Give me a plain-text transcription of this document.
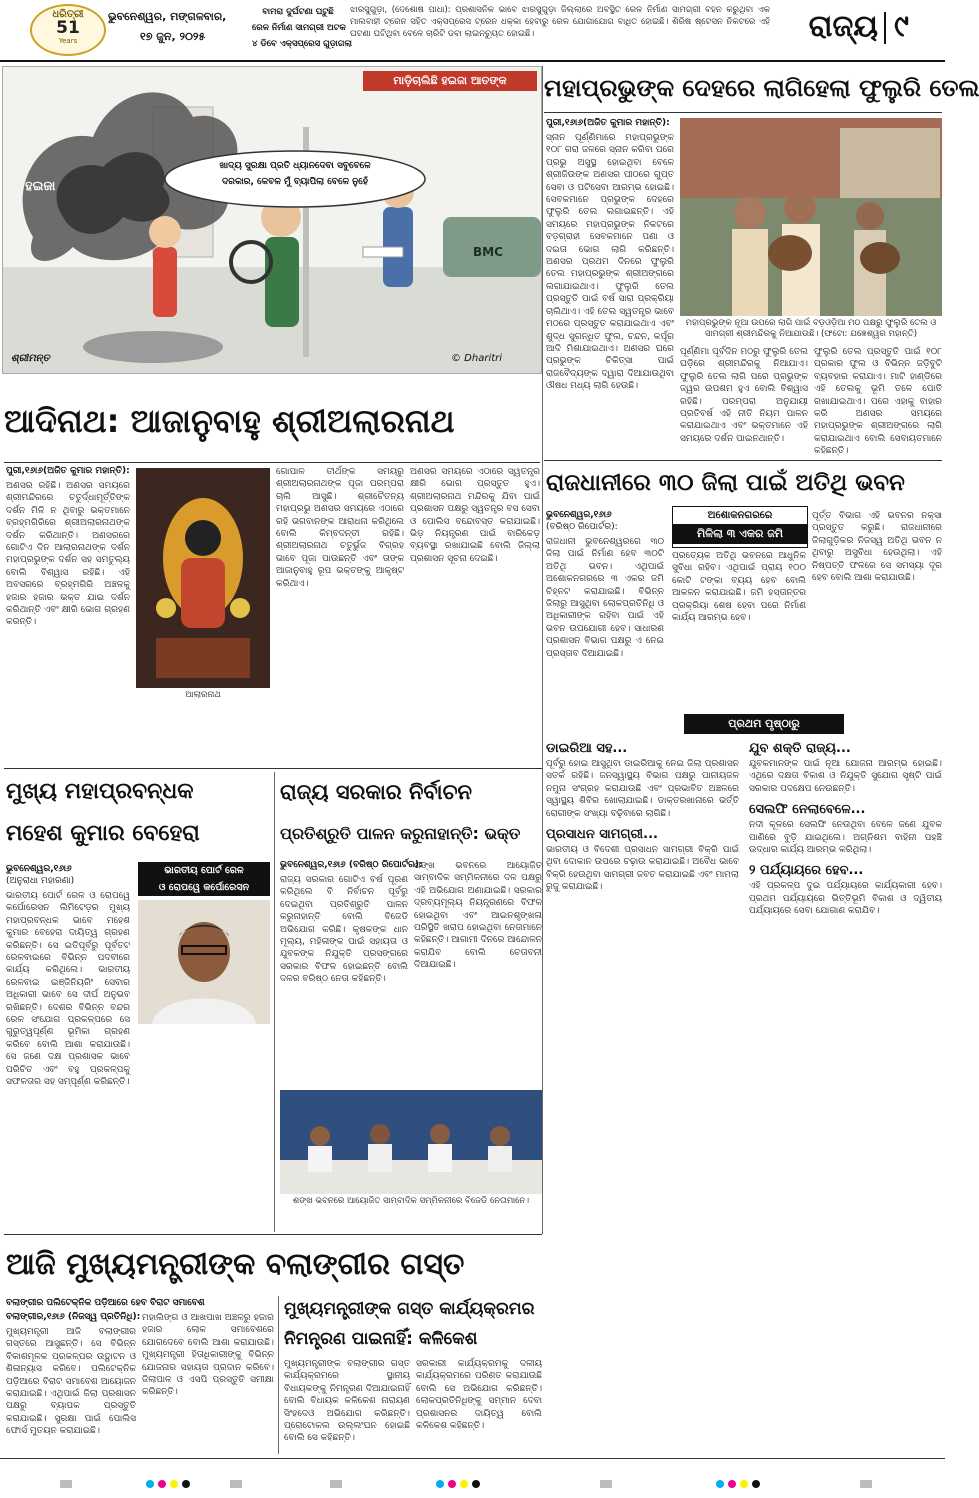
ଧରିତ୍ରୀ
51
Years
ଭୁବନେଶ୍ୱର, ମଙ୍ଗଳବାର,
୧୭ ଜୁନ, ୨୦୨୫
ବାମରା ଦୁର୍ଘଟଣା ଘଟୁଛି
ରେଳ ନିର୍ମାଣ ସାମଗ୍ରୀ ଅଟକ
୪ ଡିବେ ଏକ୍ସପ୍ରେସ ଗୁଡ଼ାଗଲା
ଝାରସୁଗୁଡ଼ା, (ଦେଶୋଷ ପାଧା): ପ୍ରଶାସନିକ ଭାବେ ଝାରସୁଗୁଡ଼ା ଜିଲ୍ଲାରେ ଅବସ୍ଥିତ ରେଳ ନିର୍ମାଣ ସାମଗ୍ରୀ ବହନ କରୁଥିବା ଏକ ମାଲବାହୀ ଟ୍ରେନ ସହିତ ଏକ୍ସପ୍ରେସ ଟ୍ରେନ ଧକ୍କା ହେବାରୁ ରେଳ ଯୋଗାଯୋଗ ବାଧିତ ହୋଇଛି। ଶିରିଷ ଷ୍ଟେସନ ନିକଟରେ ଏହି ଘଟଣା ଘଟିଥିବା ବେଳେ ଚାରିଟି ଡବା ଲାଇନଚ୍ୟୁତ ହୋଇଛି।	ରାଜ୍ୟ ୯
ମାଡ଼ିଚାଲିଛି ହଇଜା ଆତଙ୍କ
ହଇଜା
ଖାଦ୍ୟ ସୁରକ୍ଷା ପ୍ରତି ଧ୍ୟାନଦେବା ସବୁବେଳେ
ଦରକାର, କେବଳ ମୁଁ ବ୍ୟାପିଲା ବେଳେ ନୁହେଁ
BMC
ଶ୍ରୀମନ୍ତ	© Dharitri
ମହାପ୍ରଭୁଙ୍କ ଦେହରେ ଲାଗିହେଲା ଫୁଲୁରି ତେଲ
ପୁରୀ,୧୬ା୬(ଅଜିତ କୁମାର ମହାନ୍ତି):
ସ୍ନାନ ପୂର୍ଣ୍ଣିମାରେ ମହାପ୍ରଭୁଙ୍କ ୧୦୮ ଗରା ଜଳରେ ସ୍ନାନ କରିବା ପରେ ପ୍ରଭୁ ଅସୁସ୍ଥ ହୋଇଥିବା ବେଳେ ଶ୍ରୀଜିଉଙ୍କ ଅଣସର ପୀଠରେ ଗୁପ୍ତ ସେବା ଓ ପଟିସେବା ଆରମ୍ଭ ହୋଇଛି। ସେବକମାନେ ପ୍ରଭୁଙ୍କ ଦେହରେ ଫୁଲୁରି ତେଲ ଲଗାଇଛନ୍ତି। ଏହି ସମୟରେ ମହାପ୍ରଭୁଙ୍କ ନିକଟରେ ବଡ଼ଗ୍ରାହୀ ସେବକମାନେ ପଣା ଓ ଦଇତା ଭୋଗ ଲାଗି କରିଛନ୍ତି। ଅଣସର ପ୍ରଥମ ଦିନରେ ଫୁଲୁରି ତେଲ ମହାପ୍ରଭୁଙ୍କ ଶ୍ରୀଅଙ୍ଗରେ ଲଗାଯାଇଥାଏ। ଫୁଲୁରି ତେଲ ପ୍ରସ୍ତୁତି ପାଇଁ ବର୍ଷ ସାରା ପ୍ରକ୍ରିୟା ଚାଲିଥାଏ। ଏହି ତେଲ ସ୍ୱତନ୍ତ୍ର ଭାବେ ମଠରେ ପ୍ରସ୍ତୁତ କରାଯାଇଥାଏ ଏବଂ ଶୁଦ୍ଧ ସୁଗନ୍ଧିତ ଫୁଲ, ଚନ୍ଦନ, କର୍ପୂର ଆଦି ମିଶାଯାଇଥାଏ। ଅଣସର ଘରେ ପ୍ରଭୁଙ୍କ ଚିକିତ୍ସା ପାଇଁ ରାଜବୈଦ୍ୟଙ୍କ ଦ୍ୱାରା ଦିଆଯାଉଥିବା ଔଷଧ ମଧ୍ୟ ଲାଗି ହେଉଛି।
ମହାପ୍ରଭୁଙ୍କ ନୂଆ ଉପରେ ଲାଗି ପାଇଁ ବଡ଼ଓଡ଼ିଆ ମଠ ପକ୍ଷରୁ ଫୁଲୁରି ତେଲ ଓ ସାମଗ୍ରୀ ଶ୍ରୀମନ୍ଦିରକୁ ନିଆଯାଉଛି। (ଫଟୋ: ଯଜ୍ଞେଶ୍ୱର ମହାନ୍ତି)
ପୂର୍ଣ୍ଣିମା ପୂର୍ବଦିନ ମଠରୁ ଫୁଲୁରି ତେଲ ଘଡ଼ିରେ ଶ୍ରୀମନ୍ଦିରକୁ ନିଆଯାଏ। ଫୁଲୁରି ତେଲ ଲାଗି ପରେ ପ୍ରଭୁଙ୍କ ଜ୍ୱର ଉପଶମ ହୁଏ ବୋଲି ବିଶ୍ୱାସ ରହିଛି। ପରମ୍ପରା ଅନୁଯାୟୀ ପ୍ରତିବର୍ଷ ଏହି ନୀତି ନିୟମ ପାଳନ କରାଯାଇଥାଏ ଏବଂ ଭକ୍ତମାନେ ଏହି ସମୟରେ ଦର୍ଶନ ପାଇନଥାନ୍ତି।
ଫୁଲୁରି ତେଲ ପ୍ରସ୍ତୁତି ପାଇଁ ୧୦୮ ପ୍ରକାର ଫୁଲ ଓ ବିଭିନ୍ନ ଜଡ଼ିବୁଟି ବ୍ୟବହାର କରାଯାଏ। ମାଟି ହାଣ୍ଡିରେ ଏହି ତେଲକୁ ଭୂମି ତଳେ ପୋତି ରଖାଯାଇଥାଏ। ପରେ ଏହାକୁ ବାହାର କରି ଅଣସର ସମୟରେ ମହାପ୍ରଭୁଙ୍କ ଶ୍ରୀଅଙ୍ଗରେ ଲାଗି କରାଯାଇଥାଏ ବୋଲି ସେବାୟତମାନେ କହିଛନ୍ତି।
ଆଦିନାଥ: ଆଜାନୁବାହୁ ଶ୍ରୀଅଲାରନାଥ
ପୁରୀ,୧୬ା୬(ଅଜିତ କୁମାର ମହାନ୍ତି):
ଅଣସର ରହିଛି। ଅଣସର ସମୟରେ ଶ୍ରୀମନ୍ଦିରରେ ଚତୁର୍ଦ୍ଧାମୂର୍ତ୍ତିଙ୍କ ଦର୍ଶନ ମିଳି ନ ଥିବାରୁ ଭକ୍ତମାନେ ବ୍ରହ୍ମଗିରିରେ ଶ୍ରୀଅଲାରନାଥଙ୍କ ଦର୍ଶନ କରିଥାନ୍ତି। ଅଣସରରେ ଗୋଟିଏ ଦିନ ଆଲାରନାଥଙ୍କ ଦର୍ଶନ ମହାପ୍ରଭୁଙ୍କ ଦର୍ଶନ ସହ ସମତୁଲ୍ୟ ବୋଲି ବିଶ୍ୱାସ ରହିଛି। ଏହି ଅବସରରେ ବ୍ରହ୍ମଗିରି ଅଞ୍ଚଳକୁ ହଜାର ହଜାର ଭକ୍ତ ଯାଇ ଦର୍ଶନ କରିଥାନ୍ତି ଏବଂ କ୍ଷୀରି ଭୋଗ ଗ୍ରହଣ କରନ୍ତି।
ଆଲାରନାଥ
ଗୋପାଳ ତୀର୍ଥଙ୍କ ସମୟରୁ ଶ୍ରୀଅଲାରନାଥଙ୍କ ପୂଜା ପରମ୍ପରା ଚାଲି ଆସୁଛି। ଶ୍ରୀଚୈତନ୍ୟ ମହାପ୍ରଭୁ ଅଣସର ସମୟରେ ଏଠାରେ ରହି ଭଗବାନଙ୍କ ଆରାଧନା କରିଥିଲେ ବୋଲି କିମ୍ବଦନ୍ତୀ ରହିଛି। ଶ୍ରୀଅଲାରନାଥ ଚତୁର୍ଭୁଜ ବିଗ୍ରହ ଭାବେ ପୂଜା ପାଉଛନ୍ତି ଏବଂ ତାଙ୍କ ଆଜାନୁବାହୁ ରୂପ ଭକ୍ତଙ୍କୁ ଆକୃଷ୍ଟ କରିଥାଏ।
ଅଣସର ସମୟରେ ଏଠାରେ ସ୍ୱତନ୍ତ୍ର କ୍ଷୀରି ଭୋଗ ପ୍ରସ୍ତୁତ ହୁଏ। ଶ୍ରୀଅଲାରନାଥ ମନ୍ଦିରକୁ ଯିବା ପାଇଁ ପ୍ରଶାସନ ପକ୍ଷରୁ ସ୍ୱତନ୍ତ୍ର ବସ ସେବା ଓ ପୋଲିସ ବନ୍ଦୋବସ୍ତ କରାଯାଇଛି। ଭିଡ଼ ନିୟନ୍ତ୍ରଣ ପାଇଁ ବାରିକେଡ଼ ବ୍ୟବସ୍ଥା ରଖାଯାଇଛି ବୋଲି ଜିଲ୍ଲା ପ୍ରଶାସନ ସୂଚନା ଦେଇଛି।
ରାଜଧାନୀରେ ୩୦ ଜିଲା ପାଇଁ ଅତିଥି ଭବନ
ଭୁବନେଶ୍ୱର,୧୬ା୬
(ବରିଷ୍ଠ ରିପୋର୍ଟର):
ଅଶୋକନଗରରେ
ମିଳିଲା ୩ ଏକର ଜମି
ରାଜଧାନୀ ଭୁବନେଶ୍ୱରରେ ୩୦ ଜିଲା ପାଇଁ ନିର୍ମାଣ ହେବ ୩୦ଟି ଅତିଥି ଭବନ। ଏଥିପାଇଁ ଅଶୋକନଗରରେ ୩ ଏକର ଜମି ଚିହ୍ନଟ କରାଯାଇଛି। ବିଭିନ୍ନ ଜିଲାରୁ ଆସୁଥିବା ଲୋକପ୍ରତିନିଧି ଓ ଅଧିକାରୀଙ୍କ ରହିବା ପାଇଁ ଏହି ଭବନ ଉପଯୋଗୀ ହେବ। ସାଧାରଣ ପ୍ରଶାସନ ବିଭାଗ ପକ୍ଷରୁ ଏ ନେଇ ପ୍ରସ୍ତାବ ଦିଆଯାଇଛି।
ପ୍ରତ୍ୟେକ ଅତିଥି ଭବନରେ ଆଧୁନିକ ସୁବିଧା ରହିବ। ଏଥିପାଇଁ ପ୍ରାୟ ୧୦୦ କୋଟି ଟଙ୍କା ବ୍ୟୟ ହେବ ବୋଲି ଆକଳନ କରାଯାଇଛି। ଜମି ହସ୍ତାନ୍ତର ପ୍ରକ୍ରିୟା ଶେଷ ହେବା ପରେ ନିର୍ମାଣ କାର୍ଯ୍ୟ ଆରମ୍ଭ ହେବ।
ପୂର୍ତ୍ତ ବିଭାଗ ଏହି ଭବନର ନକ୍ସା ପ୍ରସ୍ତୁତ କରୁଛି। ରାଜଧାନୀରେ ଜିଲାଗୁଡ଼ିକର ନିଜସ୍ୱ ଅତିଥି ଭବନ ନ ଥିବାରୁ ଅସୁବିଧା ହେଉଥିଲା। ଏହି ନିଷ୍ପତ୍ତି ଫଳରେ ସେ ସମସ୍ୟା ଦୂର ହେବ ବୋଲି ଆଶା କରାଯାଉଛି।
ପ୍ରଥମ ପୃଷ୍ଠାରୁ
ଡାଇରିଆ ସହ...
ପୂର୍ବରୁ ହୋଇ ଆସୁଥିବା ଡାଇରିଆକୁ ନେଇ ଜିଲା ପ୍ରଶାସନ ସତର୍କ ରହିଛି। ଜନସ୍ୱାସ୍ଥ୍ୟ ବିଭାଗ ପକ୍ଷରୁ ପାନୀୟଜଳ ନମୁନା ସଂଗ୍ରହ କରାଯାଉଛି ଏବଂ ପ୍ରଭାବିତ ଅଞ୍ଚଳରେ ସ୍ୱାସ୍ଥ୍ୟ ଶିବିର ଖୋଲାଯାଇଛି। ଡାକ୍ତରଖାନାରେ ଭର୍ତ୍ତି ରୋଗୀଙ୍କ ସଂଖ୍ୟା ବଢ଼ିବାରେ ଲାଗିଛି।
ପ୍ରସାଧନ ସାମଗ୍ରୀ...
ଭାରତୀୟ ଓ ବିଦେଶୀ ପ୍ରସାଧନ ସାମଗ୍ରୀ ବିକ୍ରି ପାଇଁ ଥିବା ଦୋକାନ ଉପରେ ଚଢ଼ାଉ କରାଯାଇଛି। ଅବୈଧ ଭାବେ ବିକ୍ରି ହେଉଥିବା ସାମଗ୍ରୀ ଜବତ କରାଯାଇଛି ଏବଂ ମାମଲା ରୁଜୁ କରାଯାଇଛି।
ଯୁବ ଶକ୍ତି ରାଜ୍ୟ...
ଯୁବକମାନଙ୍କ ପାଇଁ ନୂଆ ଯୋଜନା ଆରମ୍ଭ ହୋଇଛି। ଏଥିରେ ଦକ୍ଷତା ବିକାଶ ଓ ନିଯୁକ୍ତି ସୁଯୋଗ ସୃଷ୍ଟି ପାଇଁ ସରକାର ପଦକ୍ଷେପ ନେଉଛନ୍ତି।
ସେଲଫି ନେଲାବେଳେ...
ନଦୀ କୂଳରେ ସେଲଫି ନେଉଥିବା ବେଳେ ଜଣେ ଯୁବକ ପାଣିରେ ବୁଡ଼ି ଯାଇଥିଲେ। ଅଗ୍ନିଶମ ବାହିନୀ ପହଞ୍ଚି ଉଦ୍ଧାର କାର୍ଯ୍ୟ ଆରମ୍ଭ କରିଥିଲା।
୨ ପର୍ଯ୍ୟାୟରେ ହେବ...
ଏହି ପ୍ରକଳ୍ପ ଦୁଇ ପର୍ଯ୍ୟାୟରେ କାର୍ଯ୍ୟକାରୀ ହେବ। ପ୍ରଥମ ପର୍ଯ୍ୟାୟରେ ଭିତ୍ତିଭୂମି ବିକାଶ ଓ ଦ୍ୱିତୀୟ ପର୍ଯ୍ୟାୟରେ ସେବା ଯୋଗାଣ କରାଯିବ।
ମୁଖ୍ୟ ମହାପ୍ରବନ୍ଧକ
ମହେଶ କୁମାର ବେହେରା
ଭୁବନେଶ୍ୱର,୧୬ା୬
(ଅନୁରାଧା ମହାରଣା)
ଭାରତୀୟ ପୋର୍ଟ ରେଳ
ଓ ରୋପୱେ କର୍ପୋରେସନ
ଭାରତୀୟ ପୋର୍ଟ ରେଳ ଓ ରୋପୱେ କର୍ପୋରେସନ ଲିମିଟେଡ଼ର ମୁଖ୍ୟ ମହାପ୍ରବନ୍ଧକ ଭାବେ ମହେଶ କୁମାର ବେହେରା ଦାୟିତ୍ୱ ଗ୍ରହଣ କରିଛନ୍ତି। ସେ ଇତିପୂର୍ବରୁ ପୂର୍ବତଟ ରେଳବାଇରେ ବିଭିନ୍ନ ପଦବୀରେ କାର୍ଯ୍ୟ କରିଥିଲେ। ଭାରତୀୟ ରେଳବାଇ ଇଞ୍ଜିନିୟରିଂ ସେବାର ଅଧିକାରୀ ଭାବେ ସେ ଦୀର୍ଘ ଅନୁଭବ ରଖିଛନ୍ତି। ଦେଶର ବିଭିନ୍ନ ବନ୍ଦର ରେଳ ସଂଯୋଗ ପ୍ରକଳ୍ପରେ ସେ ଗୁରୁତ୍ୱପୂର୍ଣ୍ଣ ଭୂମିକା ଗ୍ରହଣ କରିବେ ବୋଲି ଆଶା କରାଯାଉଛି। ସେ ଜଣେ ଦକ୍ଷ ପ୍ରଶାସକ ଭାବେ ପରିଚିତ ଏବଂ ବହୁ ପ୍ରକଳ୍ପକୁ ସଫଳତାର ସହ ସମ୍ପୂର୍ଣ୍ଣ କରିଛନ୍ତି।
ରାଜ୍ୟ ସରକାର ନିର୍ବାଚନ
ପ୍ରତିଶ୍ରୁତି ପାଳନ କରୁନାହାନ୍ତି: ଭକ୍ତ
ଭୁବନେଶ୍ୱର,୧୬ା୬ (ବରିଷ୍ଠ ରିପୋର୍ଟର):
ରାଜ୍ୟ ସରକାର ଗୋଟିଏ ବର୍ଷ ପୂରଣ କରିଥିଲେ ବି ନିର୍ବାଚନ ପୂର୍ବରୁ ଦେଇଥିବା ପ୍ରତିଶ୍ରୁତି ପାଳନ କରୁନାହାନ୍ତି ବୋଲି ବିଜେଡି ଅଭିଯୋଗ କରିଛି। କୃଷକଙ୍କ ଧାନ ମୂଲ୍ୟ, ମହିଳାଙ୍କ ପାଇଁ ସହାୟତା ଓ ଯୁବକଙ୍କ ନିଯୁକ୍ତି ପ୍ରସଙ୍ଗରେ ସରକାର ବିଫଳ ହୋଇଛନ୍ତି ବୋଲି ଦଳର ବରିଷ୍ଠ ନେତା କହିଛନ୍ତି।
ଶଙ୍ଖ ଭବନରେ ଆୟୋଜିତ ସାମ୍ବାଦିକ ସମ୍ମିଳନୀରେ ଦଳ ପକ୍ଷରୁ ଏହି ଅଭିଯୋଗ ଅଣାଯାଇଛି। ସରକାର ଦ୍ରବ୍ୟମୂଲ୍ୟ ନିୟନ୍ତ୍ରଣରେ ବିଫଳ ହୋଇଥିବା ଏବଂ ଆଇନଶୃଙ୍ଖଳା ପରିସ୍ଥିତି ଖରାପ ହୋଇଥିବା ନେତାମାନେ କହିଛନ୍ତି। ଆଗାମୀ ଦିନରେ ଆନ୍ଦୋଳନ କରାଯିବ ବୋଲି ଚେତାବନୀ ଦିଆଯାଇଛି।
ଶଙ୍ଖ ଭବନରେ ଆୟୋଜିତ ସାମ୍ବାଦିକ ସମ୍ମିଳନୀରେ ବିଜେଡି ନେତାମାନେ।
ଆଜି ମୁଖ୍ୟମନ୍ତ୍ରୀଙ୍କ ବଲାଙ୍ଗୀର ଗସ୍ତ
ବଲାଙ୍ଗୀର ପଲିଟେକ୍ନିକ ପଡ଼ିଆରେ ହେବ ବିରାଟ ସମାବେଶ
ବଲାଙ୍ଗୀର,୧୬ା୬ (ନିଜସ୍ୱ ପ୍ରତିନିଧି):
ମୁଖ୍ୟମନ୍ତ୍ରୀ ଆଜି ବଲାଙ୍ଗୀର ଗସ୍ତରେ ଆସୁଛନ୍ତି। ସେ ବିଭିନ୍ନ ବିକାଶମୂଳକ ପ୍ରକଳ୍ପର ଉଦ୍ଘାଟନ ଓ ଶିଳାନ୍ୟାସ କରିବେ। ପଲିଟେକ୍ନିକ ପଡ଼ିଆରେ ବିରାଟ ସମାବେଶ ଆୟୋଜନ କରାଯାଇଛି। ଏଥିପାଇଁ ଜିଲା ପ୍ରଶାସନ ପକ୍ଷରୁ ବ୍ୟାପକ ପ୍ରସ୍ତୁତି କରାଯାଇଛି। ସୁରକ୍ଷା ପାଇଁ ପୋଲିସ ଫୋର୍ସ ମୁତୟନ କରାଯାଇଛି।
ମହାଲିଙ୍ଗ ଓ ଆଖପାଖ ଅଞ୍ଚଳରୁ ହଜାର ହଜାର ଲୋକ ସମାବେଶରେ ଯୋଗଦେବେ ବୋଲି ଆଶା କରାଯାଉଛି। ମୁଖ୍ୟମନ୍ତ୍ରୀ ହିତାଧିକାରୀଙ୍କୁ ବିଭିନ୍ନ ଯୋଜନାର ସହାୟତା ପ୍ରଦାନ କରିବେ। ଜିଲାପାଳ ଓ ଏସପି ପ୍ରସ୍ତୁତି ସମୀକ୍ଷା କରିଛନ୍ତି।
ମୁଖ୍ୟମନ୍ତ୍ରୀଙ୍କ ଗସ୍ତ କାର୍ଯ୍ୟକ୍ରମର
ନିମନ୍ତ୍ରଣ ପାଇନାହିଁ: କଳିକେଶ
ମୁଖ୍ୟମନ୍ତ୍ରୀଙ୍କ ବଲାଙ୍ଗୀର ଗସ୍ତ କାର୍ଯ୍ୟକ୍ରମରେ ସ୍ଥାନୀୟ ବିଧାୟକଙ୍କୁ ନିମନ୍ତ୍ରଣ ଦିଆଯାଇନାହିଁ ବୋଲି ବିଧାୟକ କଳିକେଶ ନାରାୟଣ ସିଂହଦେଓ ଅଭିଯୋଗ କରିଛନ୍ତି। ପ୍ରୋଟୋକଲ ଉଲ୍ଲଂଘନ ହୋଇଛି ବୋଲି ସେ କହିଛନ୍ତି।
ସରକାରୀ କାର୍ଯ୍ୟକ୍ରମକୁ ଦଳୀୟ କାର୍ଯ୍ୟକ୍ରମରେ ପରିଣତ କରାଯାଉଛି ବୋଲି ସେ ଅଭିଯୋଗ କରିଛନ୍ତି। ଲୋକପ୍ରତିନିଧିଙ୍କୁ ସମ୍ମାନ ଦେବା ପ୍ରଶାସନର ଦାୟିତ୍ୱ ବୋଲି କଳିକେଶ କହିଛନ୍ତି।
